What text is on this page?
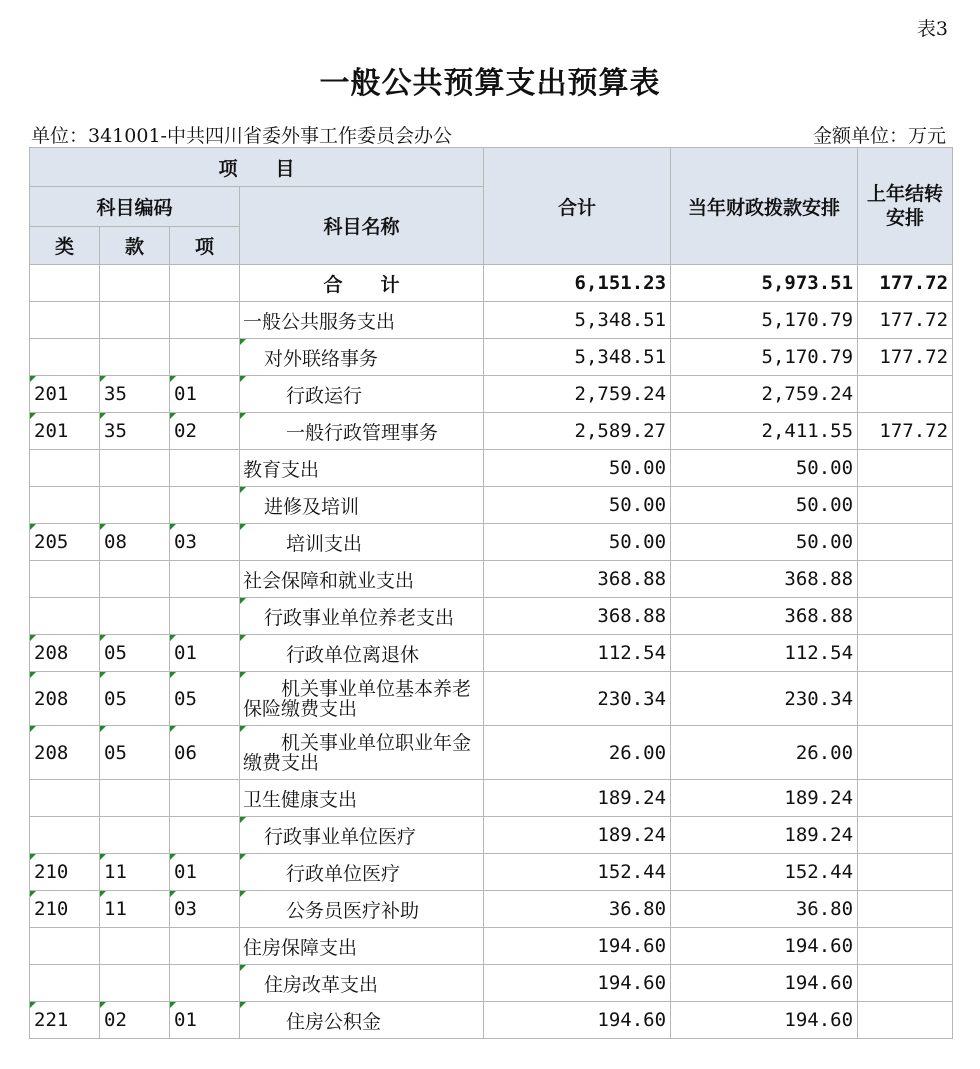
表3
一般公共预算支出预算表
单位：341001-中共四川省委外事工作委员会办公	金额单位：万元
项　　目				合计	当年财政拨款安排	上年结转安排
科目编码			科目名称			
类	款	项				
			合　　计	6,151.23	5,973.51	177.72
			一般公共服务支出	5,348.51	5,170.79	177.72
			对外联络事务	5,348.51	5,170.79	177.72
201	35	01	行政运行	2,759.24	2,759.24	
201	35	02	一般行政管理事务	2,589.27	2,411.55	177.72
			教育支出	50.00	50.00	
			进修及培训	50.00	50.00	
205	08	03	培训支出	50.00	50.00	
			社会保障和就业支出	368.88	368.88	
			行政事业单位养老支出	368.88	368.88	
208	05	01	行政单位离退休	112.54	112.54	
208	05	05	　　机关事业单位基本养老保险缴费支出	230.34	230.34	
208	05	06	　　机关事业单位职业年金缴费支出	26.00	26.00	
			卫生健康支出	189.24	189.24	
			行政事业单位医疗	189.24	189.24	
210	11	01	行政单位医疗	152.44	152.44	
210	11	03	公务员医疗补助	36.80	36.80	
			住房保障支出	194.60	194.60	
			住房改革支出	194.60	194.60	
221	02	01	住房公积金	194.60	194.60	
